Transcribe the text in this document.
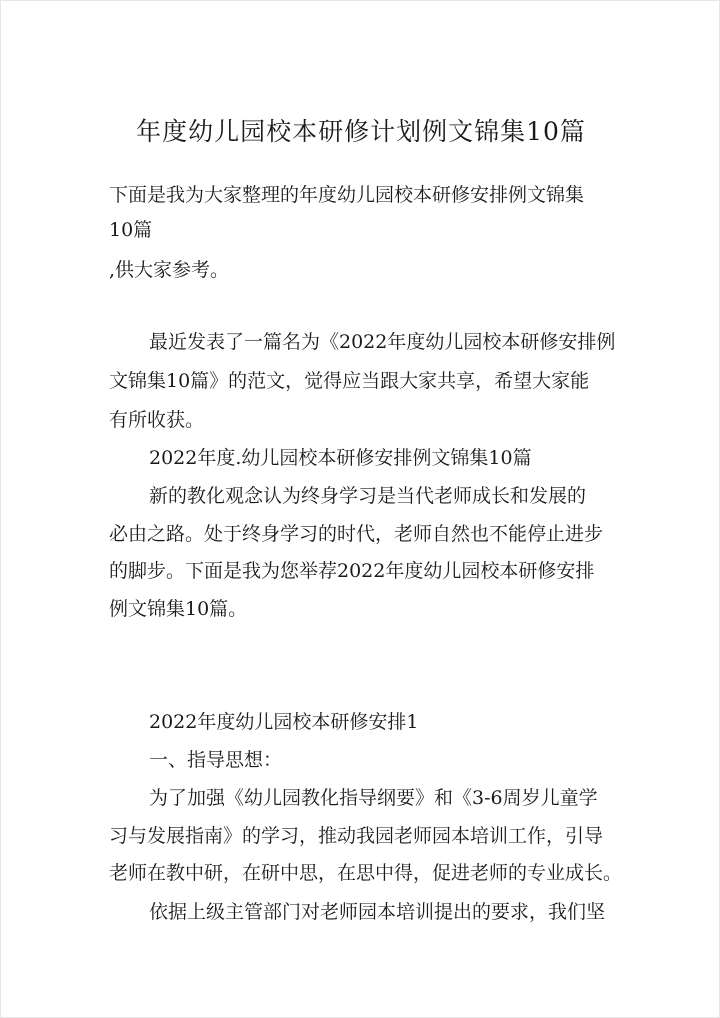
年度幼儿园校本研修计划例文锦集10篇
下面是我为大家整理的年度幼儿园校本研修安排例文锦集
10篇
,供大家参考。
最近发表了一篇名为《2022年度幼儿园校本研修安排例
文锦集10篇》的范文，觉得应当跟大家共享，希望大家能
有所收获。
2022年度.幼儿园校本研修安排例文锦集10篇
新的教化观念认为终身学习是当代老师成长和发展的
必由之路。处于终身学习的时代，老师自然也不能停止进步
的脚步。下面是我为您举荐2022年度幼儿园校本研修安排
例文锦集10篇。
2022年度幼儿园校本研修安排1
一、指导思想：
为了加强《幼儿园教化指导纲要》和《3-6周岁儿童学
习与发展指南》的学习，推动我园老师园本培训工作，引导
老师在教中研，在研中思，在思中得，促进老师的专业成长。
依据上级主管部门对老师园本培训提出的要求，我们坚
